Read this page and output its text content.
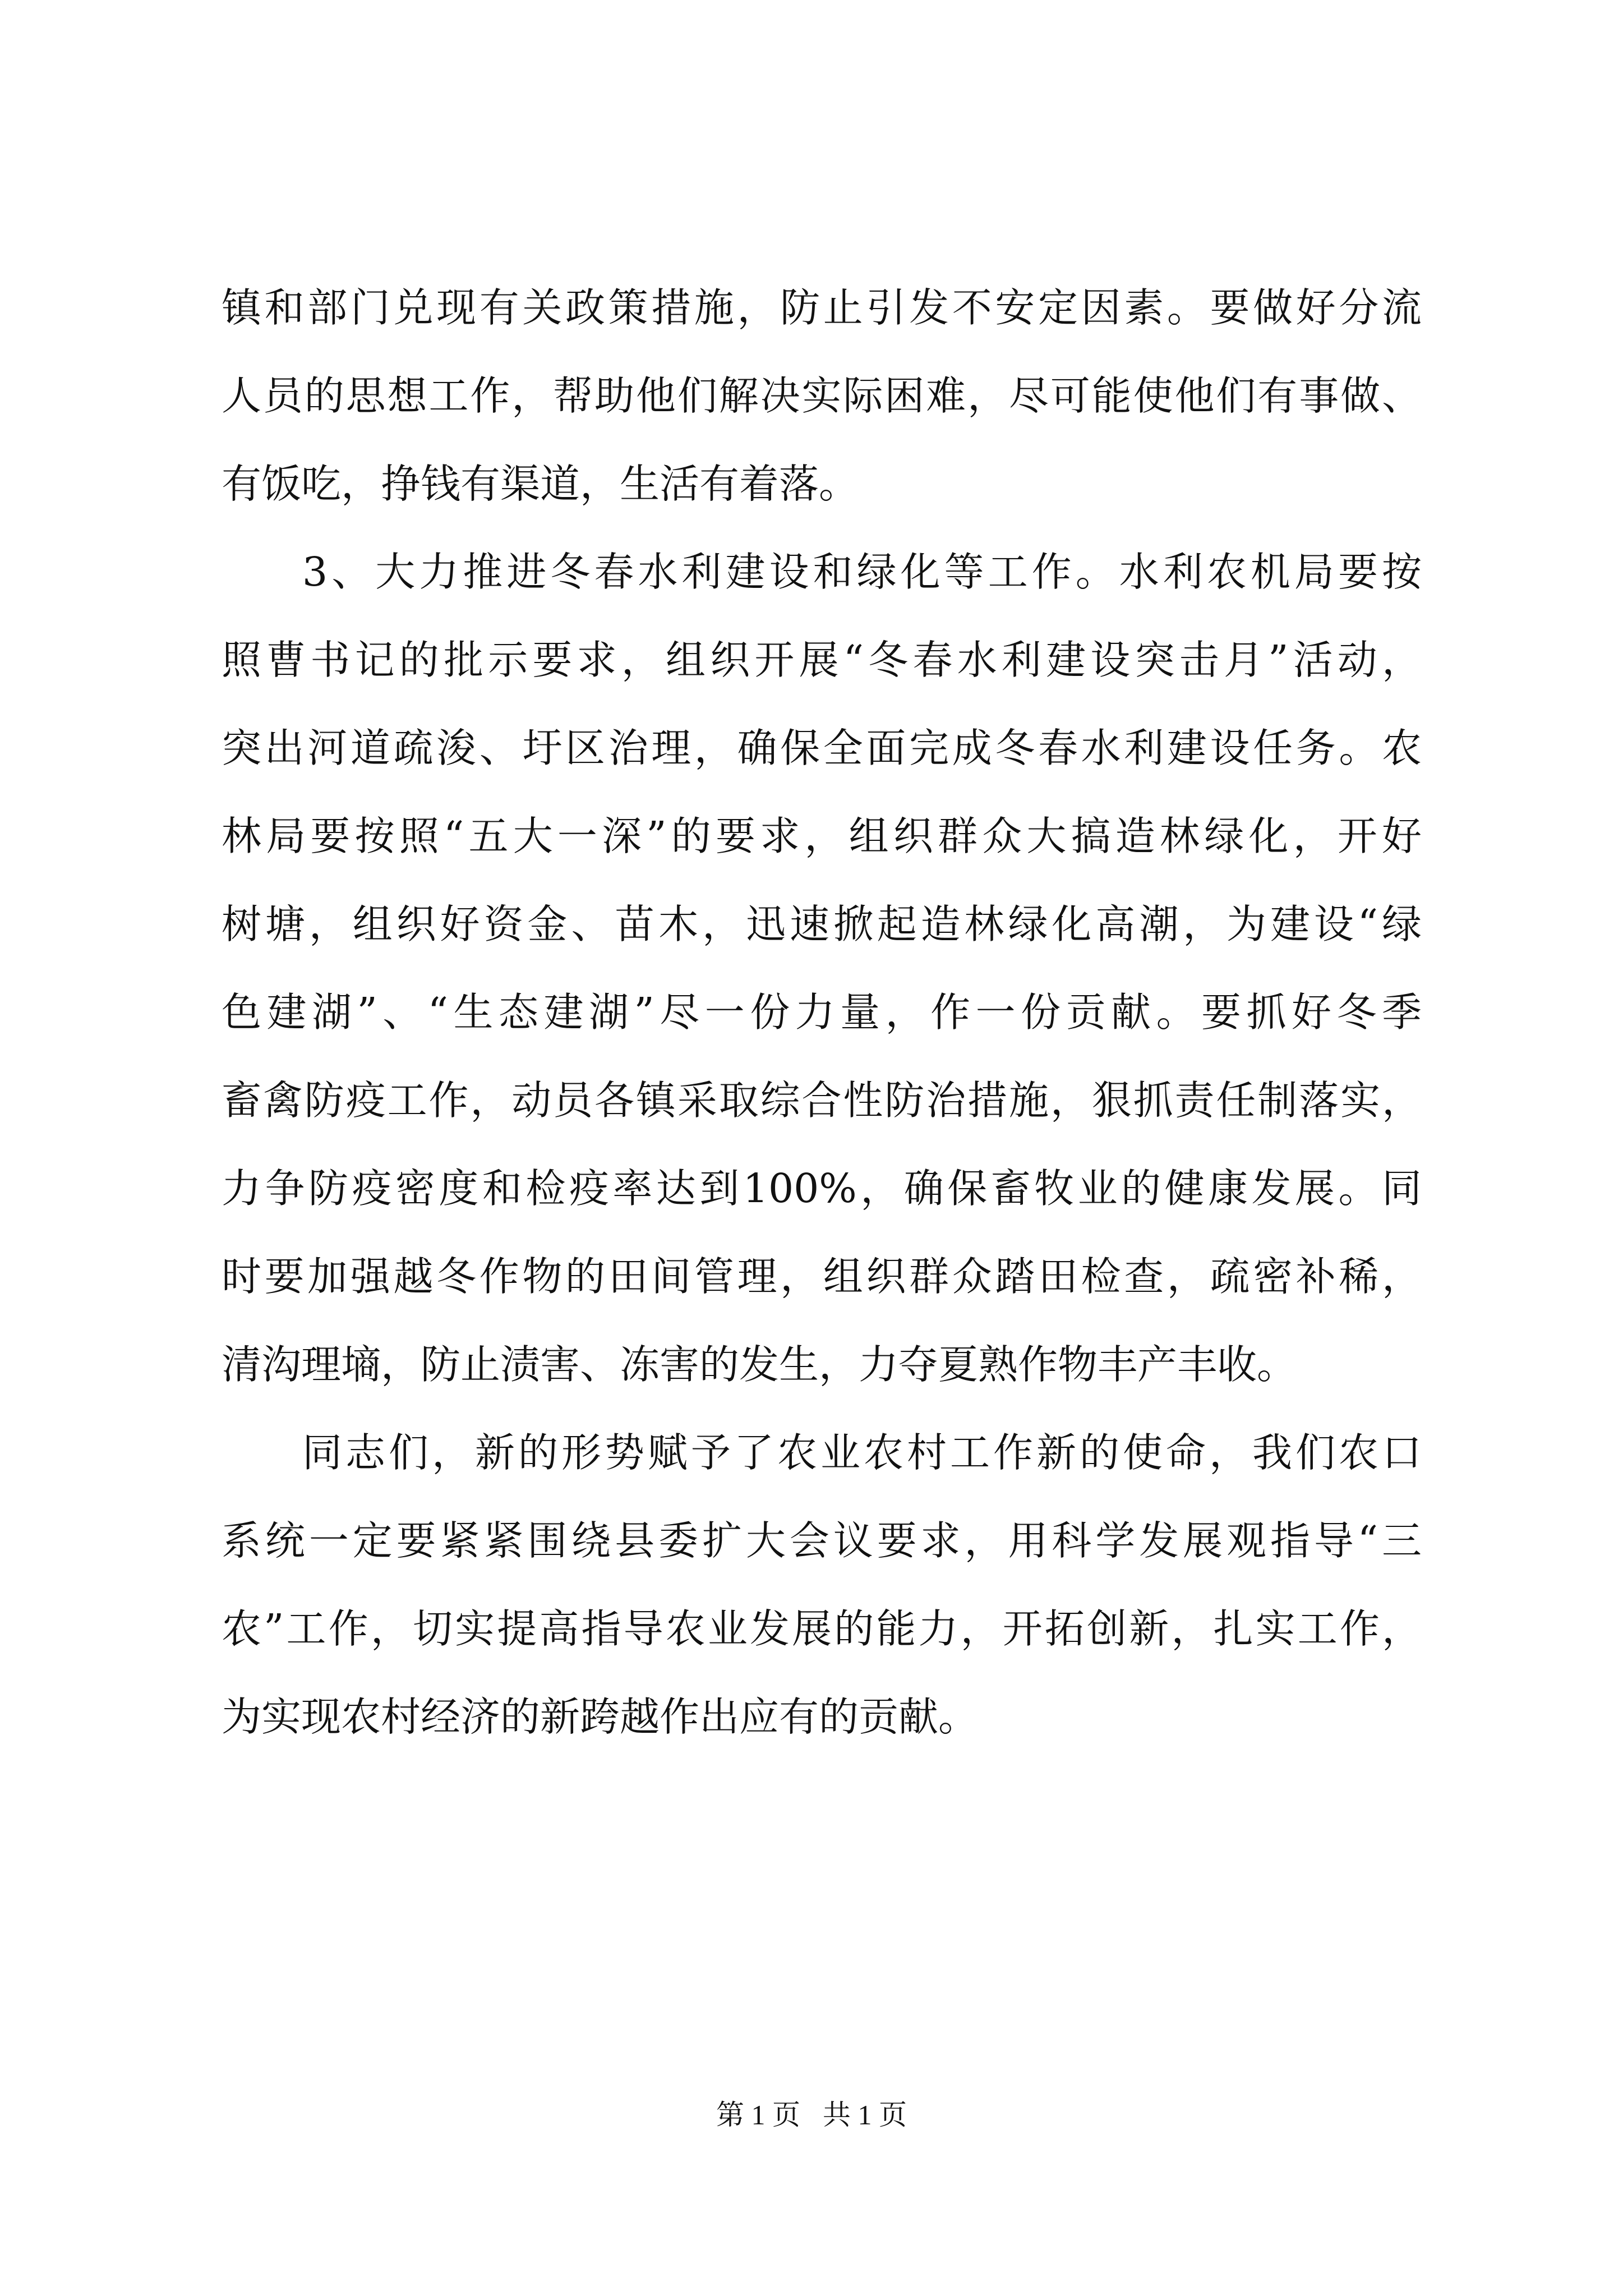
镇和部门兑现有关政策措施，防止引发不安定因素。要做好分流
人员的思想工作，帮助他们解决实际困难，尽可能使他们有事做、
有饭吃，挣钱有渠道，生活有着落。
3、大力推进冬春水利建设和绿化等工作。水利农机局要按
照曹书记的批示要求，组织开展“冬春水利建设突击月”活动，
突出河道疏浚、圩区治理，确保全面完成冬春水利建设任务。农
林局要按照“五大一深”的要求，组织群众大搞造林绿化，开好
树塘，组织好资金、苗木，迅速掀起造林绿化高潮，为建设“绿
色建湖”、“生态建湖”尽一份力量，作一份贡献。要抓好冬季
畜禽防疫工作，动员各镇采取综合性防治措施，狠抓责任制落实，
力争防疫密度和检疫率达到100%，确保畜牧业的健康发展。同
时要加强越冬作物的田间管理，组织群众踏田检查，疏密补稀，
清沟理墒，防止渍害、冻害的发生，力夺夏熟作物丰产丰收。
同志们，新的形势赋予了农业农村工作新的使命，我们农口
系统一定要紧紧围绕县委扩大会议要求，用科学发展观指导“三
农”工作，切实提高指导农业发展的能力，开拓创新，扎实工作，
为实现农村经济的新跨越作出应有的贡献。
第 1 页 共 1 页
